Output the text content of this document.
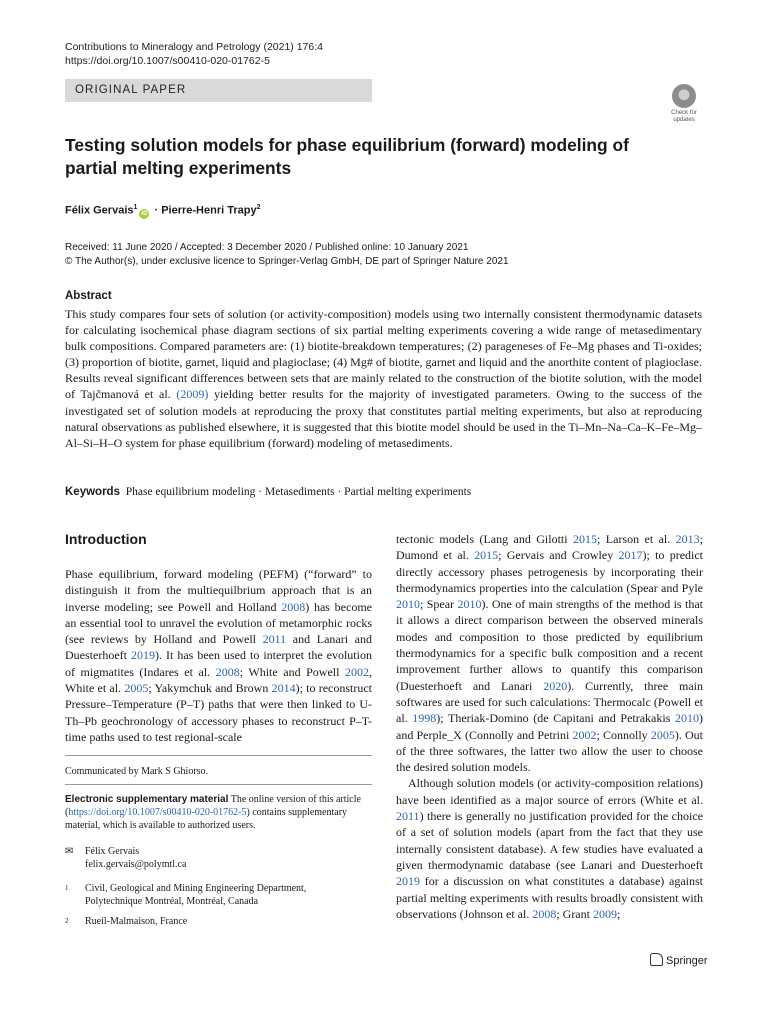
Contributions to Mineralogy and Petrology (2021) 176:4
https://doi.org/10.1007/s00410-020-01762-5
ORIGINAL PAPER
Check for updates
Testing solution models for phase equilibrium (forward) modeling of partial melting experiments
Félix Gervais$^1$iD · Pierre-Henri Trapy$^2$
Received: 11 June 2020 / Accepted: 3 December 2020 / Published online: 10 January 2021
© The Author(s), under exclusive licence to Springer-Verlag GmbH, DE part of Springer Nature 2021
Abstract
This study compares four sets of solution (or activity-composition) models using two internally consistent thermodynamic datasets for calculating isochemical phase diagram sections of six partial melting experiments covering a wide range of metasedimentary bulk compositions. Compared parameters are: (1) biotite-breakdown temperatures; (2) parageneses of Fe–Mg phases and Ti-oxides; (3) proportion of biotite, garnet, liquid and plagioclase; (4) Mg# of biotite, garnet and liquid and the anorthite content of plagioclase. Results reveal significant differences between sets that are mainly related to the construction of the biotite solution, with the model of Tajčmanová et al. (2009) yielding better results for the majority of investigated parameters. Owing to the success of the investigated set of solution models at reproducing the proxy that constitutes partial melting experiments, but also at reproducing natural observations as published elsewhere, it is suggested that this biotite model should be used in the Ti–Mn–Na–Ca–K–Fe–Mg–Al–Si–H–O system for phase equilibrium (forward) modeling of metasediments.
Keywords Phase equilibrium modeling · Metasediments · Partial melting experiments
Introduction
Phase equilibrium, forward modeling (PEFM) (“forward” to distinguish it from the multiequilbrium approach that is an inverse modeling; see Powell and Holland 2008) has become an essential tool to unravel the evolution of metamorphic rocks (see reviews by Holland and Powell 2011 and Lanari and Duesterhoeft 2019). It has been used to interpret the evolution of migmatites (Indares et al. 2008; White and Powell 2002, White et al. 2005; Yakymchuk and Brown 2014); to reconstruct Pressure–Temperature (P–T) paths that were then linked to U-Th–Pb geochronology of accessory phases to reconstruct P–T-time paths used to test regional-scale
tectonic models (Lang and Gilotti 2015; Larson et al. 2013; Dumond et al. 2015; Gervais and Crowley 2017); to predict directly accessory phases petrogenesis by incorporating their thermodynamics properties into the calculation (Spear and Pyle 2010; Spear 2010). One of main strengths of the method is that it allows a direct comparison between the observed minerals modes and composition to those predicted by equilibrium thermodynamics for a specific bulk composition and a recent improvement further allows to quantify this comparison (Duesterhoeft and Lanari 2020). Currently, three main softwares are used for such calculations: Thermocalc (Powell et al. 1998); Theriak-Domino (de Capitani and Petrakakis 2010) and Perple_X (Connolly and Petrini 2002; Connolly 2005). Out of the three softwares, the latter two allow the user to choose the desired solution models.
Although solution models (or activity-composition relations) have been identified as a major source of errors (White et al. 2011) there is generally no justification provided for the choice of a set of solution models (apart from the fact that they use internally consistent database). A few studies have evaluated a given thermodynamic database (see Lanari and Duesterhoeft 2019 for a discussion on what constitutes a database) against partial melting experiments with results broadly consistent with observations (Johnson et al. 2008; Grant 2009;
Communicated by Mark S Ghiorso.
Electronic supplementary material The online version of this article (https://doi.org/10.1007/s00410-020-01762-5) contains supplementary material, which is available to authorized users.
✉ Félix Gervais
felix.gervais@polymtl.ca
1 Civil, Geological and Mining Engineering Department,
Polytechnique Montréal, Montréal, Canada
2 Rueil-Malmaison, France
Springer
